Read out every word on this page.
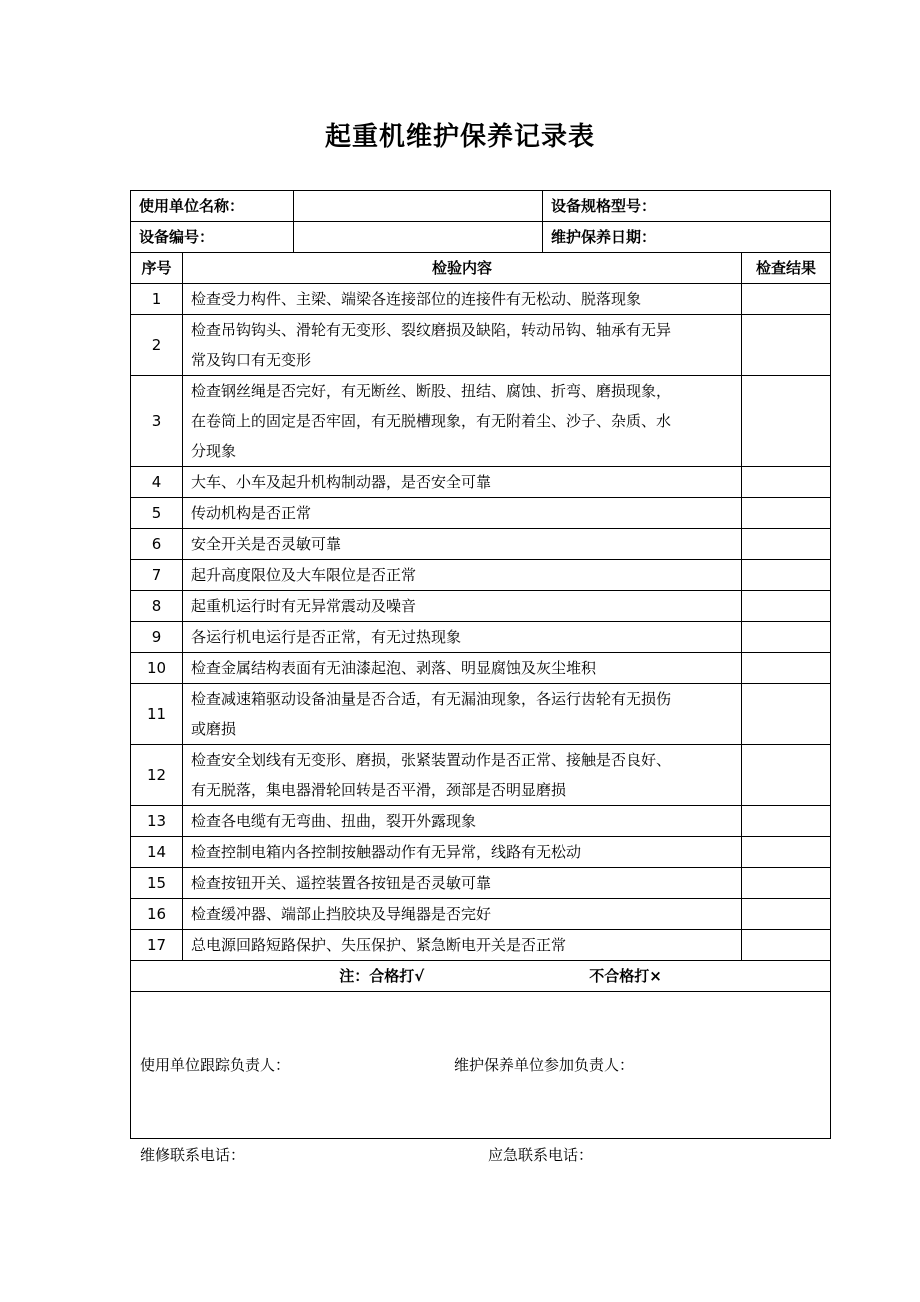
起重机维护保养记录表
使用单位名称：			设备规格型号：	
设备编号：			维护保养日期：	
序号	检验内容			检查结果
1	检查受力构件、主梁、端梁各连接部位的连接件有无松动、脱落现象			

2	检查吊钩钩头、滑轮有无变形、裂纹磨损及缺陷，转动吊钩、轴承有无异
常及钩口有无变形			

3	检查钢丝绳是否完好，有无断丝、断股、扭结、腐蚀、折弯、磨损现象，
在卷筒上的固定是否牢固，有无脱槽现象，有无附着尘、沙子、杂质、水
分现象			

4	大车、小车及起升机构制动器，是否安全可靠			

5	传动机构是否正常			

6	安全开关是否灵敏可靠			

7	起升高度限位及大车限位是否正常			

8	起重机运行时有无异常震动及噪音			

9	各运行机电运行是否正常，有无过热现象			

10	检查金属结构表面有无油漆起泡、剥落、明显腐蚀及灰尘堆积			

11	检查减速箱驱动设备油量是否合适，有无漏油现象，各运行齿轮有无损伤
或磨损			

12	检查安全划线有无变形、磨损，张紧装置动作是否正常、接触是否良好、
有无脱落，集电器滑轮回转是否平滑，颈部是否明显磨损			

13	检查各电缆有无弯曲、扭曲，裂开外露现象			

14	检查控制电箱内各控制按触器动作有无异常，线路有无松动			

15	检查按钮开关、遥控装置各按钮是否灵敏可靠			

16	检查缓冲器、端部止挡胶块及导绳器是否完好			

17	总电源回路短路保护、失压保护、紧急断电开关是否正常			

注：合格打√ 不合格打×				

使用单位跟踪负责人： 维护保养单位参加负责人：				
维修联系电话：	应急联系电话：
